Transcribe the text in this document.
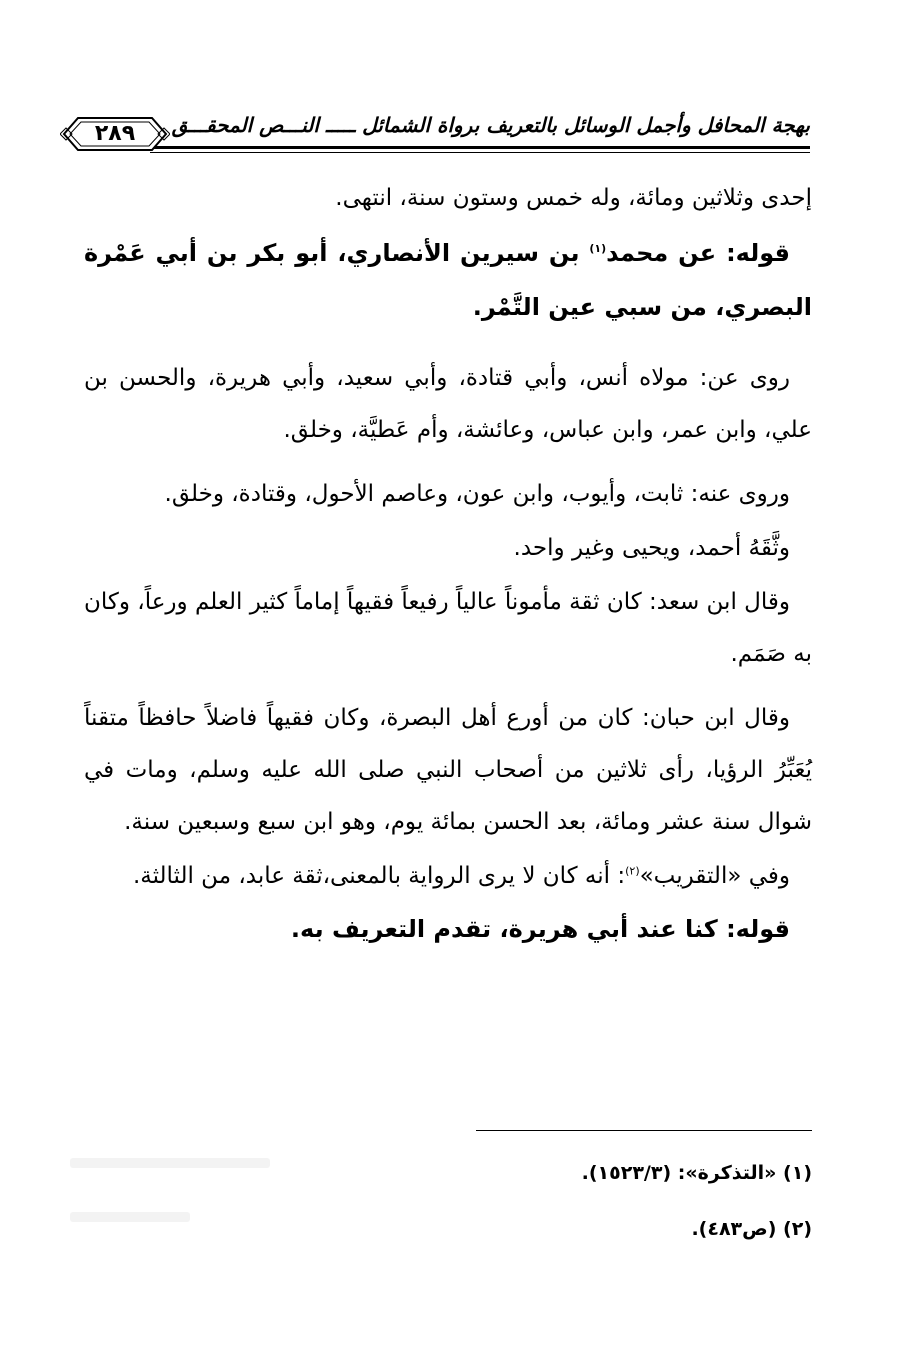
بهجة المحافل وأجمل الوسائل بالتعريف برواة الشمائل ـــــ النـــص المحقـــق
٢٨٩

إحدى وثلاثين ومائة، وله خمس وستون سنة، انتهى.

قوله: عن محمد$^{(١)}$ بن سيرين الأنصاري، أبو بكر بن أبي عَمْرة البصري، من سبي عين التَّمْر.

روى عن: مولاه أنس، وأبي قتادة، وأبي سعيد، وأبي هريرة، والحسن بن علي، وابن عمر، وابن عباس، وعائشة، وأم عَطيَّة، وخلق.

وروى عنه: ثابت، وأيوب، وابن عون، وعاصم الأحول، وقتادة، وخلق.

وثَّقَهُ أحمد، ويحيى وغير واحد.

وقال ابن سعد: كان ثقة مأموناً عالياً رفيعاً فقيهاً إماماً كثير العلم ورعاً، وكان به صَمَم.

وقال ابن حبان: كان من أورع أهل البصرة، وكان فقيهاً فاضلاً حافظاً متقناً يُعَبِّرُ الرؤيا، رأى ثلاثين من أصحاب النبي صلى الله عليه وسلم، ومات في شوال سنة عشر ومائة، بعد الحسن بمائة يوم، وهو ابن سبع وسبعين سنة.

وفي «التقريب»$^{(٢)}$: أنه كان لا يرى الرواية بالمعنى،ثقة عابد، من الثالثة.

قوله: كنا عند أبي هريرة، تقدم التعريف به.

(١) «التذكرة»: (١٥٢٣/٣).

(٢) (ص٤٨٣).
